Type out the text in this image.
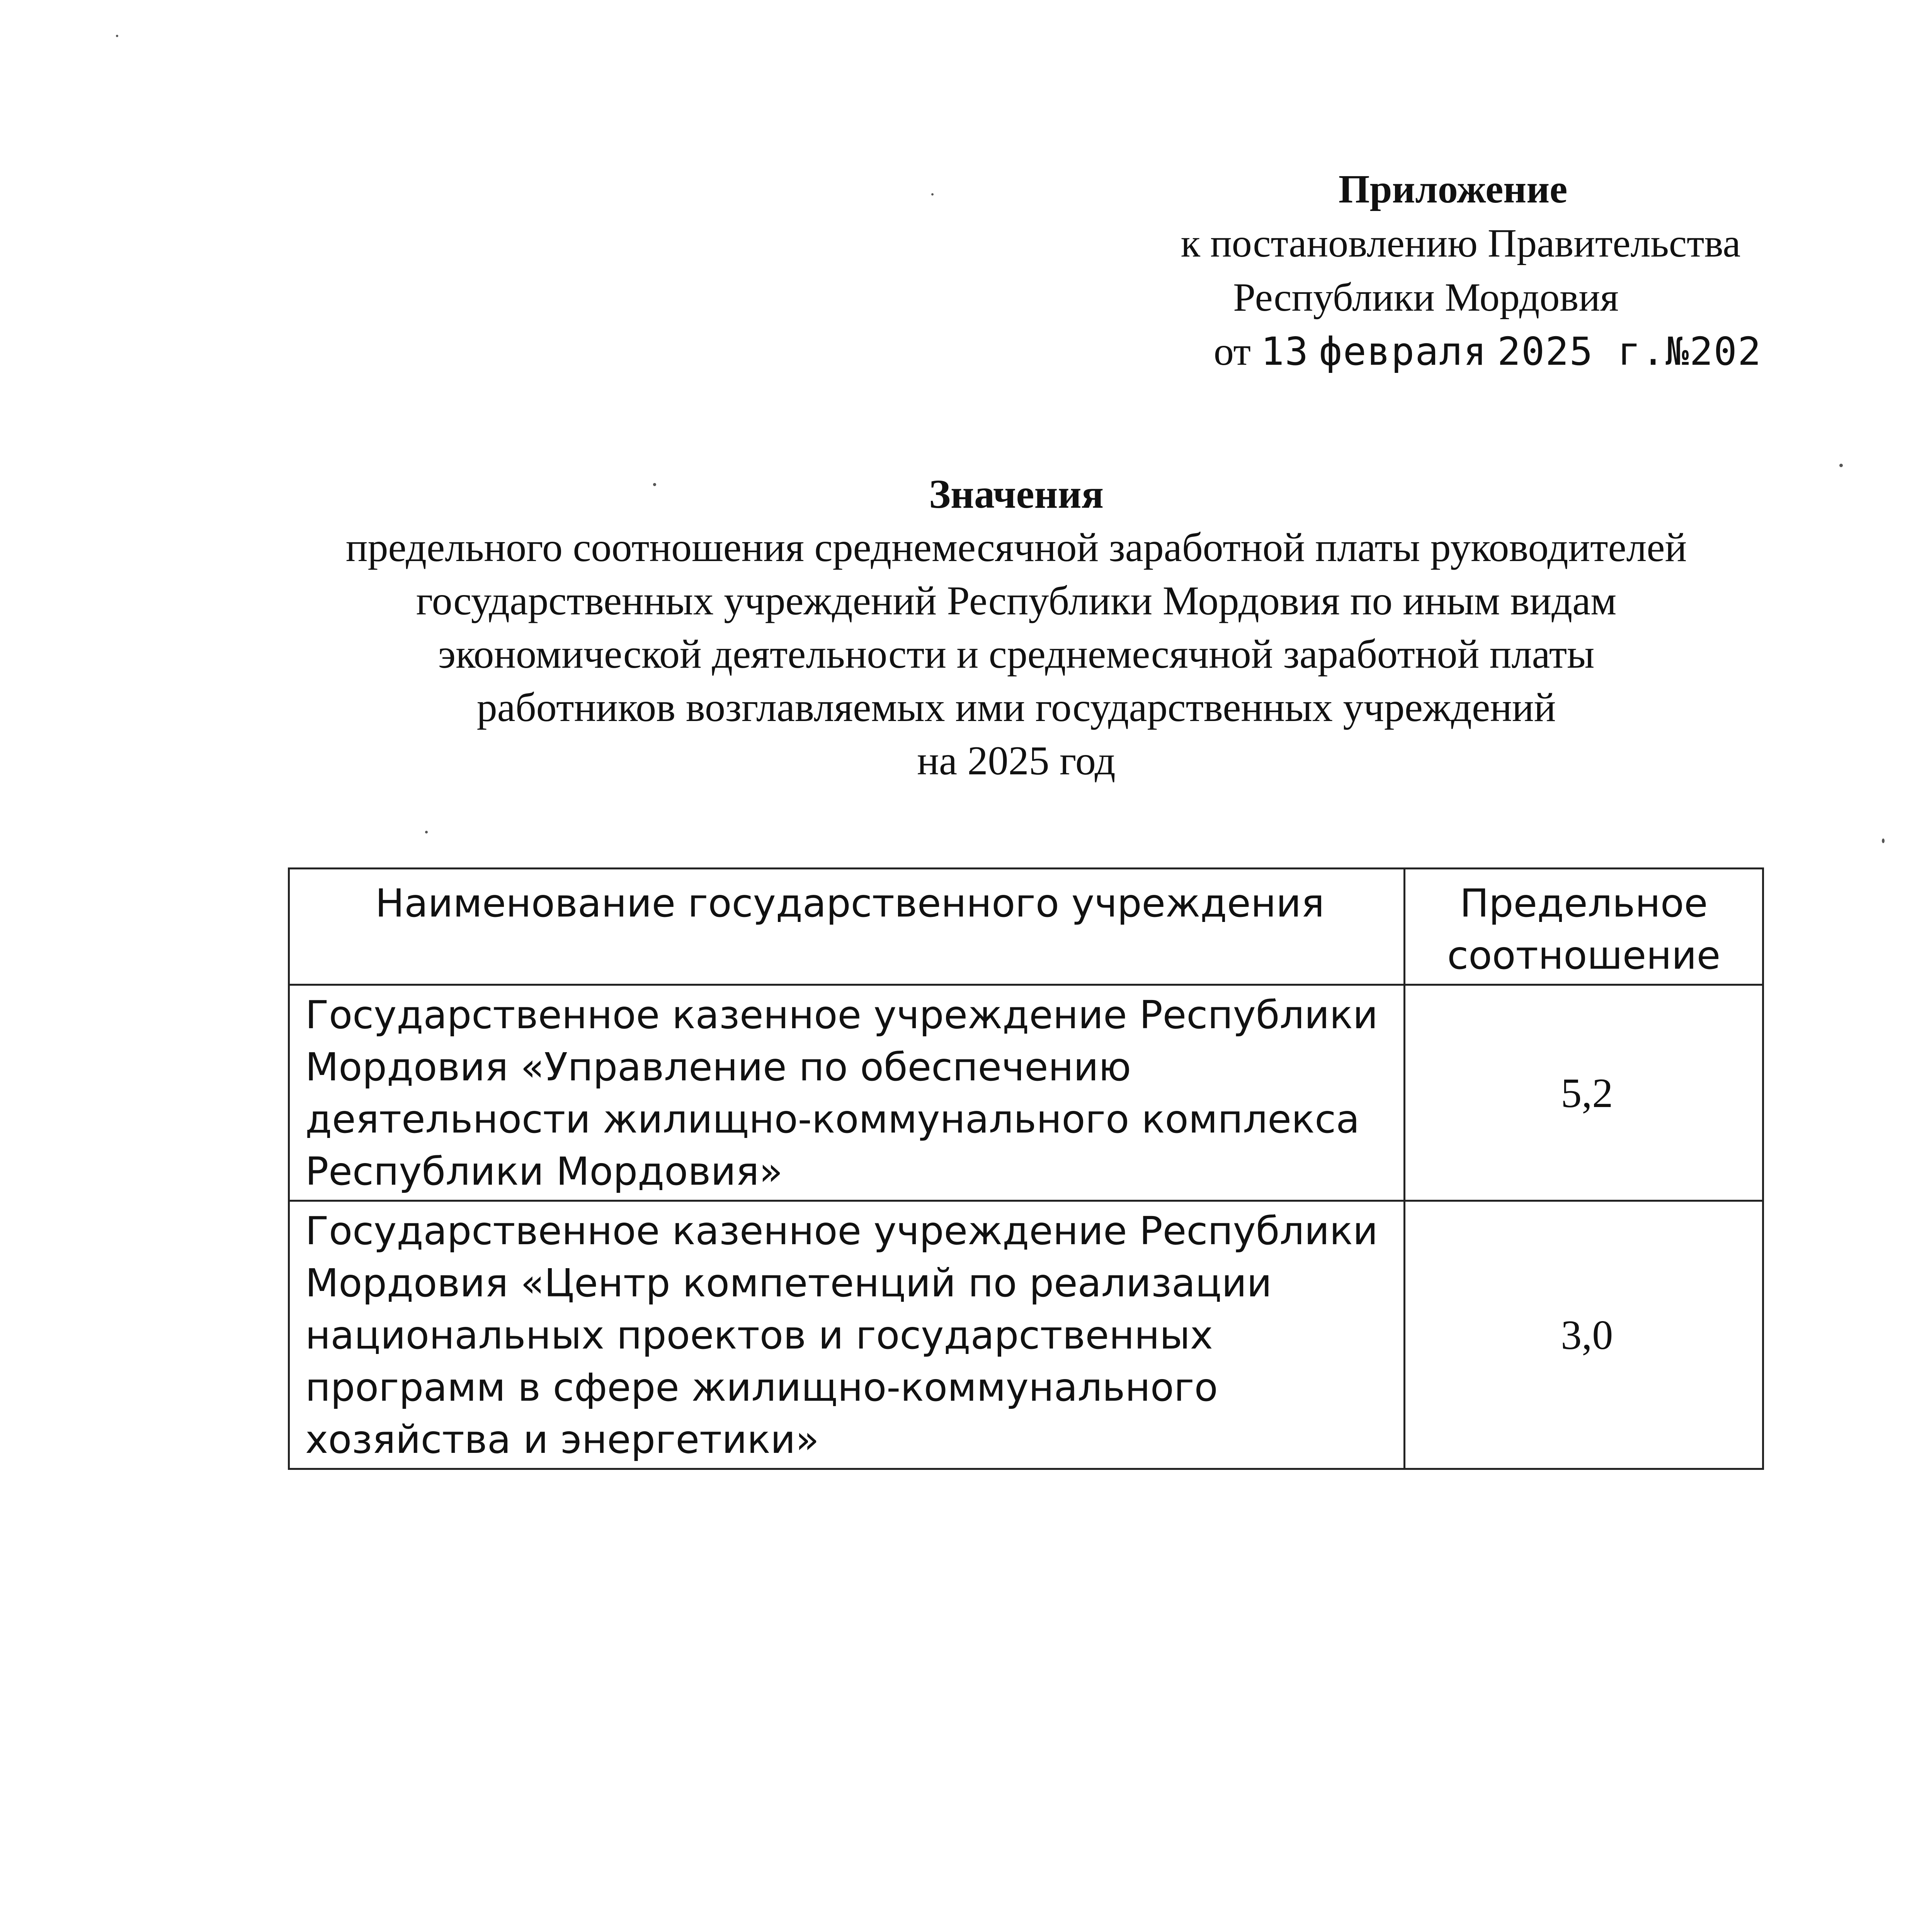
Приложение
к постановлению Правительства
Республики Мордовия
от 13 февраля 2025 г.№202
Значения
предельного соотношения среднемесячной заработной платы руководителей
государственных учреждений Республики Мордовия по иным видам
экономической деятельности и среднемесячной заработной платы
работников возглавляемых ими государственных учреждений
на 2025 год
Наименование государственного учреждения	Предельное
соотношение

Государственное казенное учреждение Республики
Мордовия «Управление по обеспечению
деятельности жилищно-коммунального комплекса
Республики Мордовия»	5,2

Государственное казенное учреждение Республики
Мордовия «Центр компетенций по реализации
национальных проектов и государственных
программ в сфере жилищно-коммунального
хозяйства и энергетики»	3,0
